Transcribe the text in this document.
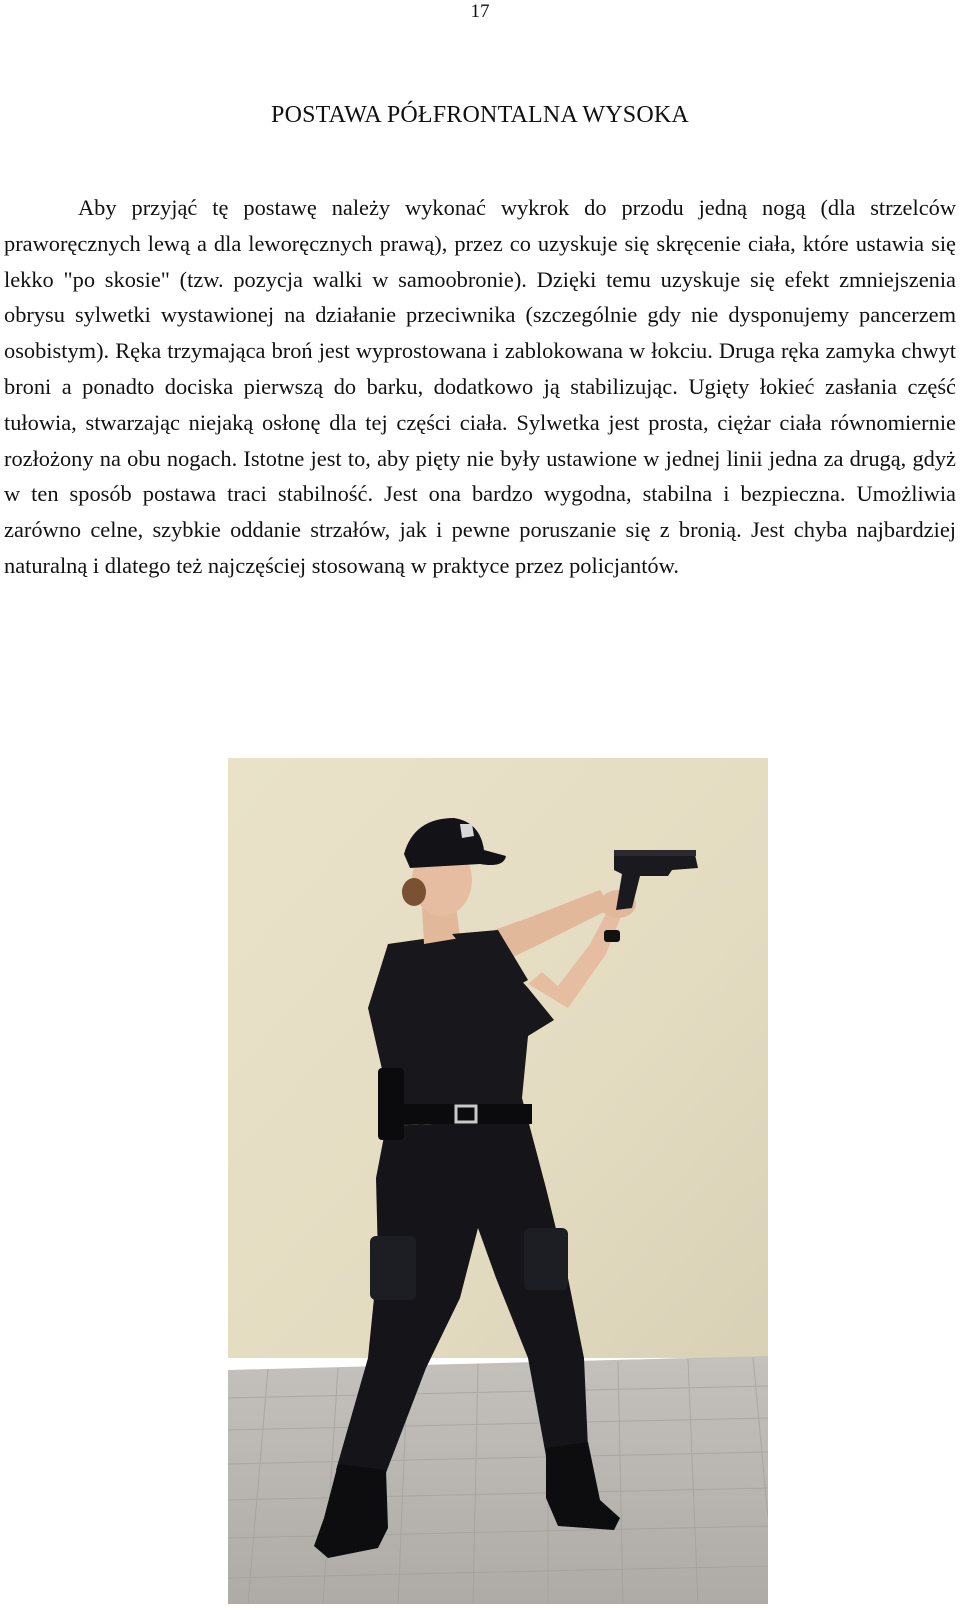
17
POSTAWA PÓŁFRONTALNA WYSOKA

Aby przyjąć tę postawę należy wykonać wykrok do przodu jedną nogą (dla strzelców praworęcznych lewą a dla leworęcznych prawą), przez co uzyskuje się skręcenie ciała, które ustawia się lekko "po skosie" (tzw. pozycja walki w samoobronie). Dzięki temu uzyskuje się efekt zmniejszenia obrysu sylwetki wystawionej na działanie przeciwnika (szczególnie gdy nie dysponujemy pancerzem osobistym). Ręka trzymająca broń jest wyprostowana i zablokowana w łokciu. Druga ręka zamyka chwyt broni a ponadto dociska pierwszą do barku, dodatkowo ją stabilizując. Ugięty łokieć zasłania część tułowia, stwarzając niejaką osłonę dla tej części ciała. Sylwetka jest prosta, ciężar ciała równomiernie rozłożony na obu nogach. Istotne jest to, aby pięty nie były ustawione w jednej linii jedna za drugą, gdyż w ten sposób postawa traci stabilność. Jest ona bardzo wygodna, stabilna i bezpieczna. Umożliwia zarówno celne, szybkie oddanie strzałów, jak i pewne poruszanie się z bronią. Jest chyba najbardziej naturalną i dlatego też najczęściej stosowaną w praktyce przez policjantów.
